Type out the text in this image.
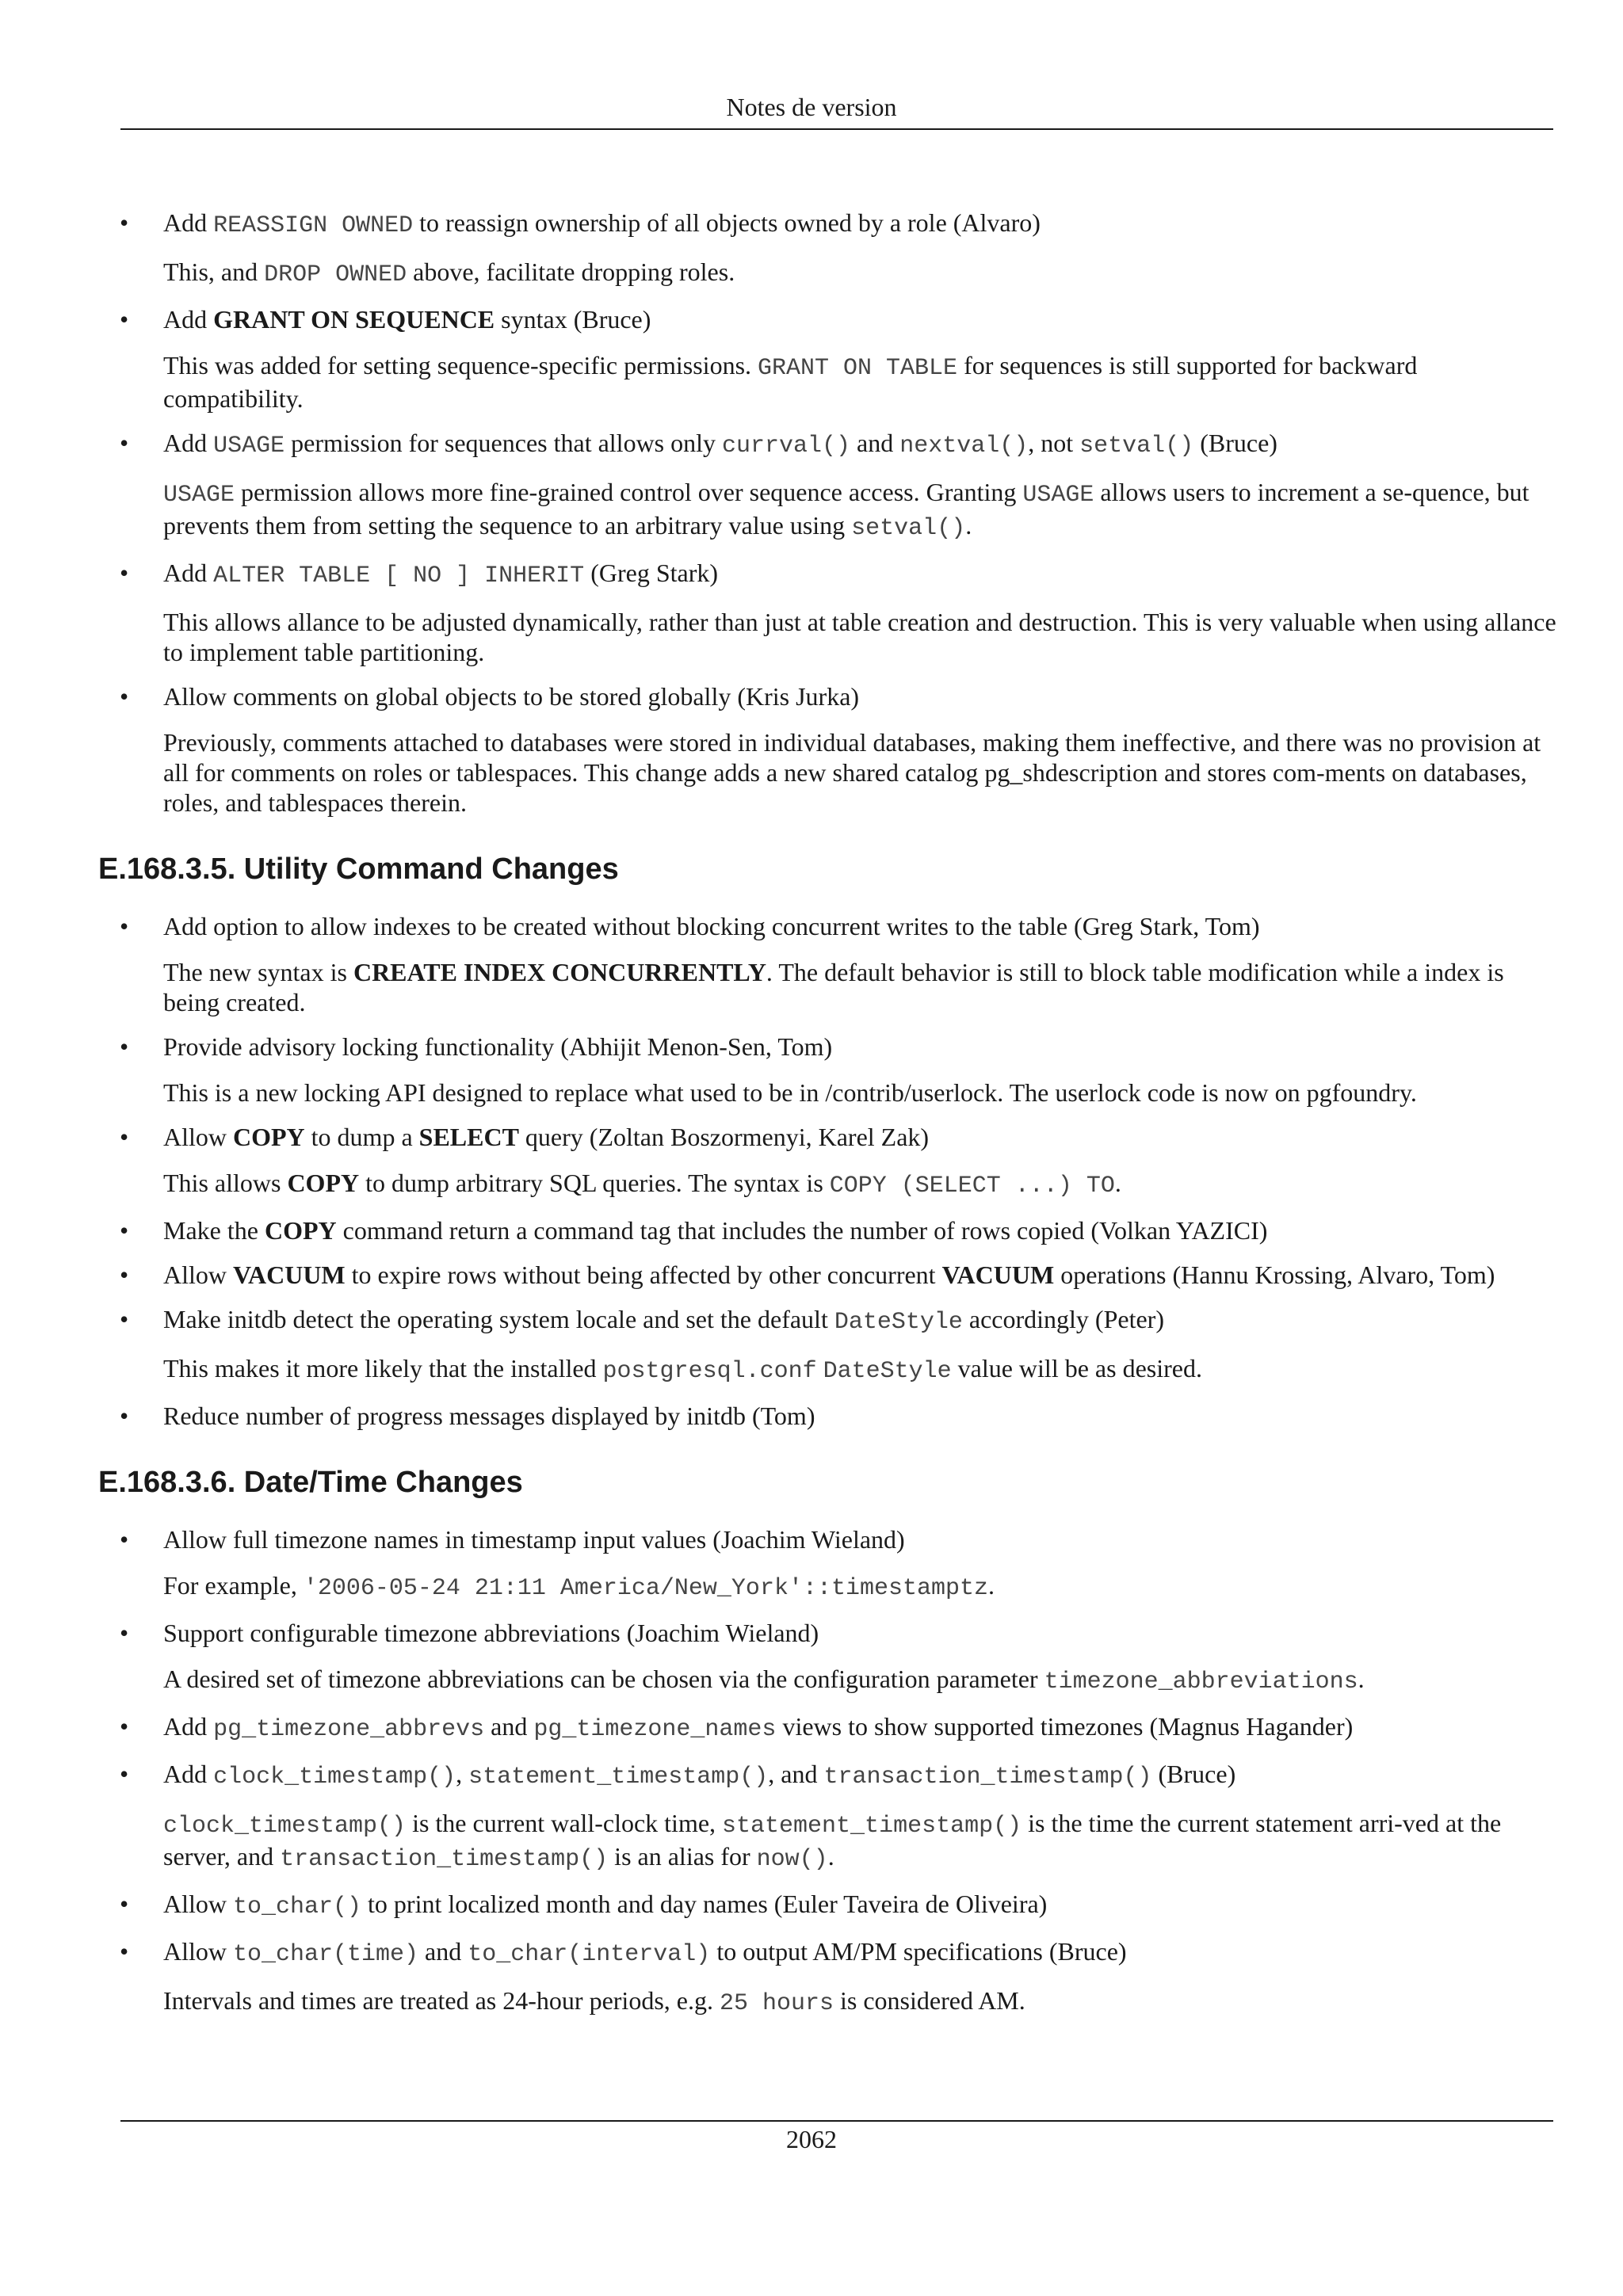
Notes de version
• Add REASSIGN OWNED to reassign ownership of all objects owned by a role (Alvaro)

This, and DROP OWNED above, facilitate dropping roles.

• Add GRANT ON SEQUENCE syntax (Bruce)

This was added for setting sequence-specific permissions. GRANT ON TABLE for sequences is still supported for backward compatibility.

• Add USAGE permission for sequences that allows only currval() and nextval(), not setval() (Bruce)

USAGE permission allows more fine-grained control over sequence access. Granting USAGE allows users to increment a se-quence, but prevents them from setting the sequence to an arbitrary value using setval().

• Add ALTER TABLE [ NO ] INHERIT (Greg Stark)

This allows allance to be adjusted dynamically, rather than just at table creation and destruction. This is very valuable when using allance to implement table partitioning.

• Allow comments on global objects to be stored globally (Kris Jurka)

Previously, comments attached to databases were stored in individual databases, making them ineffective, and there was no provision at all for comments on roles or tablespaces. This change adds a new shared catalog pg_shdescription and stores com-ments on databases, roles, and tablespaces therein.

E.168.3.5. Utility Command Changes
• Add option to allow indexes to be created without blocking concurrent writes to the table (Greg Stark, Tom)

The new syntax is CREATE INDEX CONCURRENTLY. The default behavior is still to block table modification while a index is being created.

• Provide advisory locking functionality (Abhijit Menon-Sen, Tom)

This is a new locking API designed to replace what used to be in /contrib/userlock. The userlock code is now on pgfoundry.

• Allow COPY to dump a SELECT query (Zoltan Boszormenyi, Karel Zak)

This allows COPY to dump arbitrary SQL queries. The syntax is COPY (SELECT ...) TO.

• Make the COPY command return a command tag that includes the number of rows copied (Volkan YAZICI)

• Allow VACUUM to expire rows without being affected by other concurrent VACUUM operations (Hannu Krossing, Alvaro, Tom)

• Make initdb detect the operating system locale and set the default DateStyle accordingly (Peter)

This makes it more likely that the installed postgresql.conf DateStyle value will be as desired.

• Reduce number of progress messages displayed by initdb (Tom)

E.168.3.6. Date/Time Changes
• Allow full timezone names in timestamp input values (Joachim Wieland)

For example, '2006-05-24 21:11 America/New_York'::timestamptz.

• Support configurable timezone abbreviations (Joachim Wieland)

A desired set of timezone abbreviations can be chosen via the configuration parameter timezone_abbreviations.

• Add pg_timezone_abbrevs and pg_timezone_names views to show supported timezones (Magnus Hagander)

• Add clock_timestamp(), statement_timestamp(), and transaction_timestamp() (Bruce)

clock_timestamp() is the current wall-clock time, statement_timestamp() is the time the current statement arri-ved at the server, and transaction_timestamp() is an alias for now().

• Allow to_char() to print localized month and day names (Euler Taveira de Oliveira)

• Allow to_char(time) and to_char(interval) to output AM/PM specifications (Bruce)

Intervals and times are treated as 24-hour periods, e.g. 25 hours is considered AM.

2062
